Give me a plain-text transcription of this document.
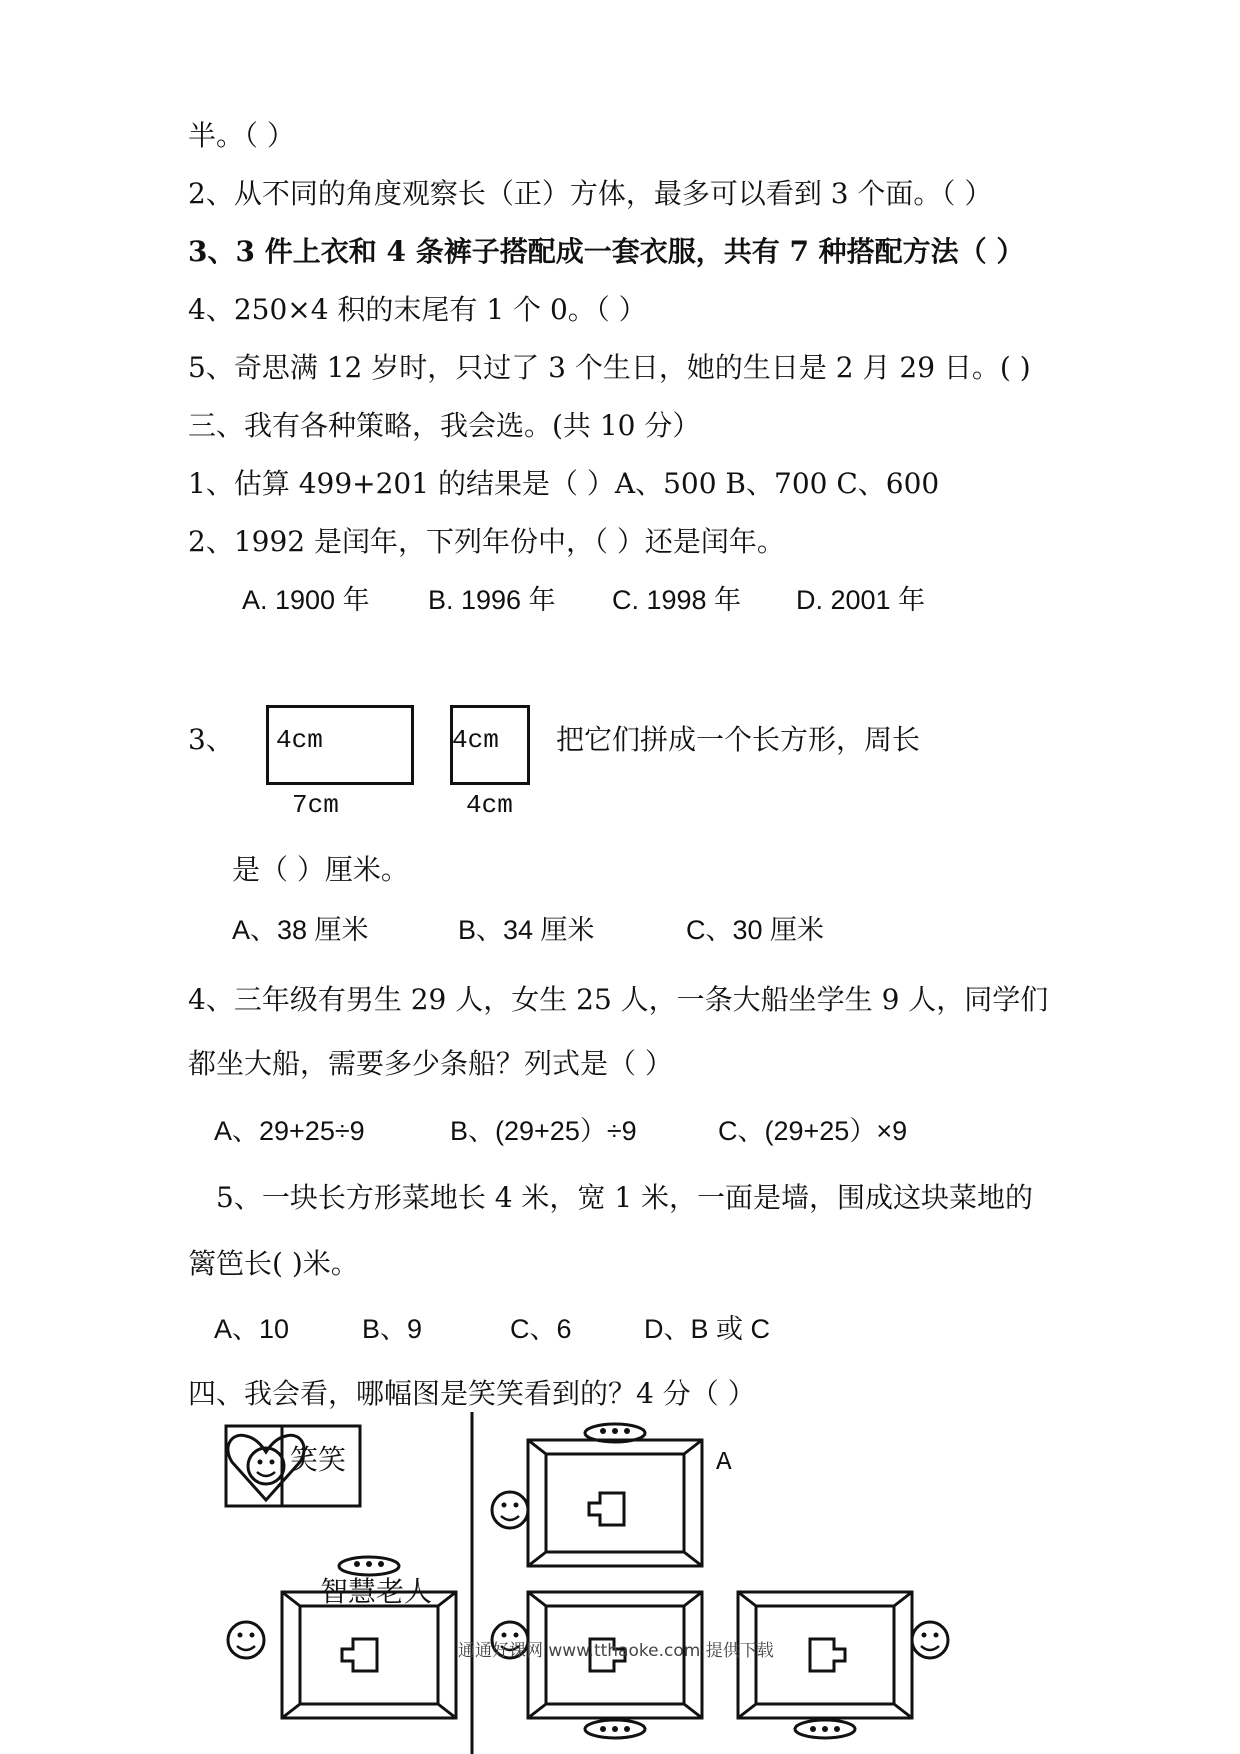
半。（ ）
2、从不同的角度观察长（正）方体，最多可以看到 3 个面。（ ）
3、3 件上衣和 4 条裤子搭配成一套衣服，共有 7 种搭配方法（ ）
4、250×4 积的末尾有 1 个 0。（ ）
5、奇思满 12 岁时，只过了 3 个生日，她的生日是 2 月 29 日。( )
三、我有各种策略，我会选。(共 10 分）
1、估算 499+201 的结果是（ ）A、500 B、700 C、600
2、1992 是闰年，下列年份中，（ ）还是闰年。
A. 1900 年 B. 1996 年 C. 1998 年 D. 2001 年
3、 4cm	4cm
7cm	4cm
把它们拼成一个长方形，周长
是（ ）厘米。
A、38 厘米	B、34 厘米	C、30 厘米
4、三年级有男生 29 人，女生 25 人，一条大船坐学生 9 人，同学们
都坐大船，需要多少条船？列式是（ ）
A、29+25÷9	B、(29+25）÷9	C、(29+25）×9
5、一块长方形菜地长 4 米，宽 1 米，一面是墙，围成这块菜地的
篱笆长( )米。
A、10	B、9	C、6	D、B 或 C
四、我会看，哪幅图是笑笑看到的？4 分（ ）
笑笑	A
智慧老人
通通好课网 www.tthaoke.com 提供下载
